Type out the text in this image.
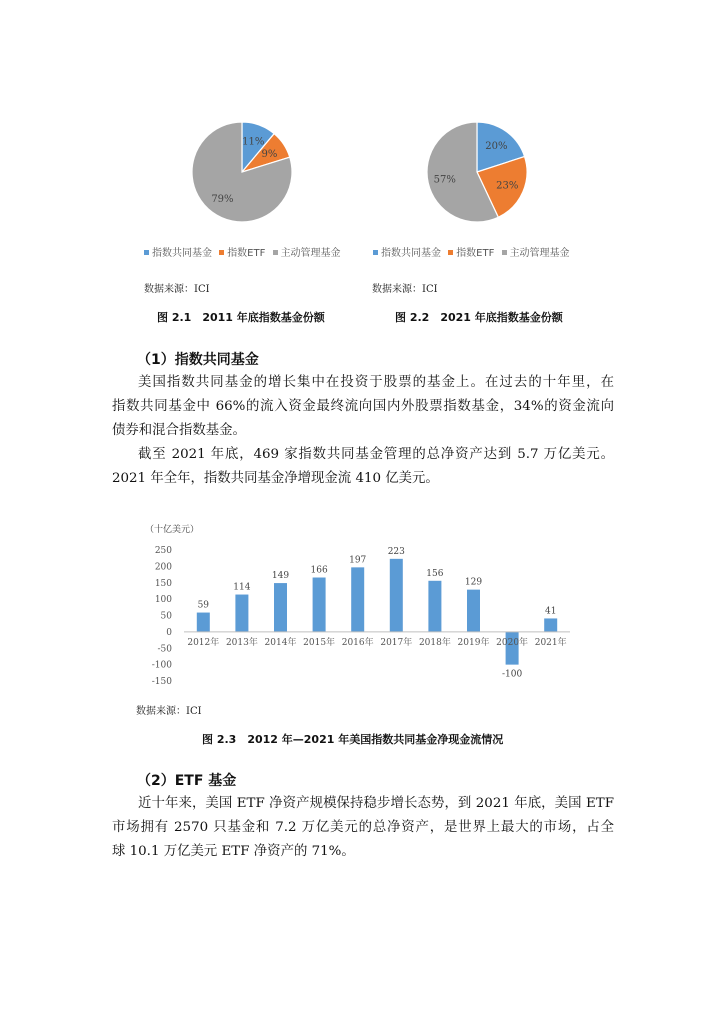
11%
9%
79%
指数共同基金 指数ETF 主动管理基金
数据来源：ICI
图 2.1　2011 年底指数基金份额
20%
23%
57%
指数共同基金 指数ETF 主动管理基金
数据来源：ICI
图 2.2　2021 年底指数基金份额
（1）指数共同基金
美国指数共同基金的增长集中在投资于股票的基金上。在过去的十年里，在
指数共同基金中 66%的流入资金最终流向国内外股票指数基金，34%的资金流向
债券和混合指数基金。
截至 2021 年底，469 家指数共同基金管理的总净资产达到 5.7 万亿美元。
2021 年全年，指数共同基金净增现金流 410 亿美元。
（十亿美元）
250
200
150
100
50
0
-50
-100
-150
2012年 2013年 2014年 2015年 2016年 2017年 2018年 2019年 2020年 2021年
59
114
149
166
197
223
156
129
-100
41
数据来源：ICI
图 2.3　2012 年—2021 年美国指数共同基金净现金流情况
（2）ETF 基金
近十年来，美国 ETF 净资产规模保持稳步增长态势，到 2021 年底，美国 ETF
市场拥有 2570 只基金和 7.2 万亿美元的总净资产，是世界上最大的市场，占全
球 10.1 万亿美元 ETF 净资产的 71%。
